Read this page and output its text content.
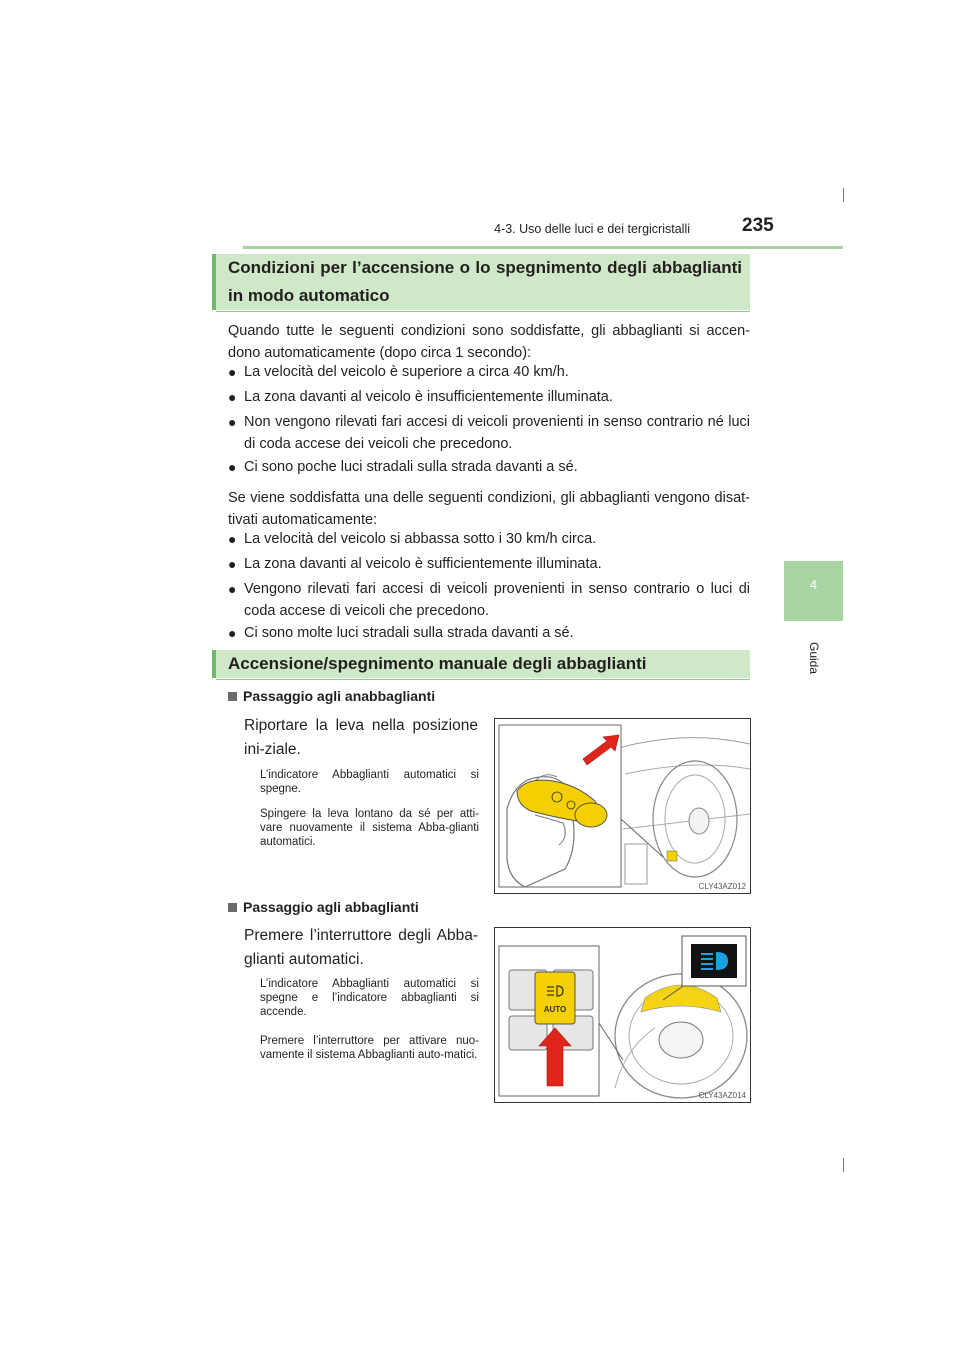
4-3. Uso delle luci e dei tergicristalli	235
4
Guida
Condizioni per l’accensione o lo spegnimento degli abbaglianti in modo automatico
Quando tutte le seguenti condizioni sono soddisfatte, gli abbaglianti si accen-dono automaticamente (dopo circa 1 secondo):
● La velocità del veicolo è superiore a circa 40 km/h.
● La zona davanti al veicolo è insufficientemente illuminata.
● Non vengono rilevati fari accesi di veicoli provenienti in senso contrario né luci di coda accese dei veicoli che precedono.
● Ci sono poche luci stradali sulla strada davanti a sé.
Se viene soddisfatta una delle seguenti condizioni, gli abbaglianti vengono disat-tivati automaticamente:
● La velocità del veicolo si abbassa sotto i 30 km/h circa.
● La zona davanti al veicolo è sufficientemente illuminata.
● Vengono rilevati fari accesi di veicoli provenienti in senso contrario o luci di coda accese di veicoli che precedono.
● Ci sono molte luci stradali sulla strada davanti a sé.
Accensione/spegnimento manuale degli abbaglianti
Passaggio agli anabbaglianti
Riportare la leva nella posizione ini-ziale.
L’indicatore Abbaglianti automatici si spegne.
Spingere la leva lontano da sé per atti-vare nuovamente il sistema Abba-glianti automatici.
CLY43AZ012
Passaggio agli abbaglianti
Premere l’interruttore degli Abba-glianti automatici.
L’indicatore Abbaglianti automatici si spegne e l’indicatore abbaglianti si accende.
Premere l’interruttore per attivare nuo-vamente il sistema Abbaglianti auto-matici.
AUTO
CLY43AZ014
